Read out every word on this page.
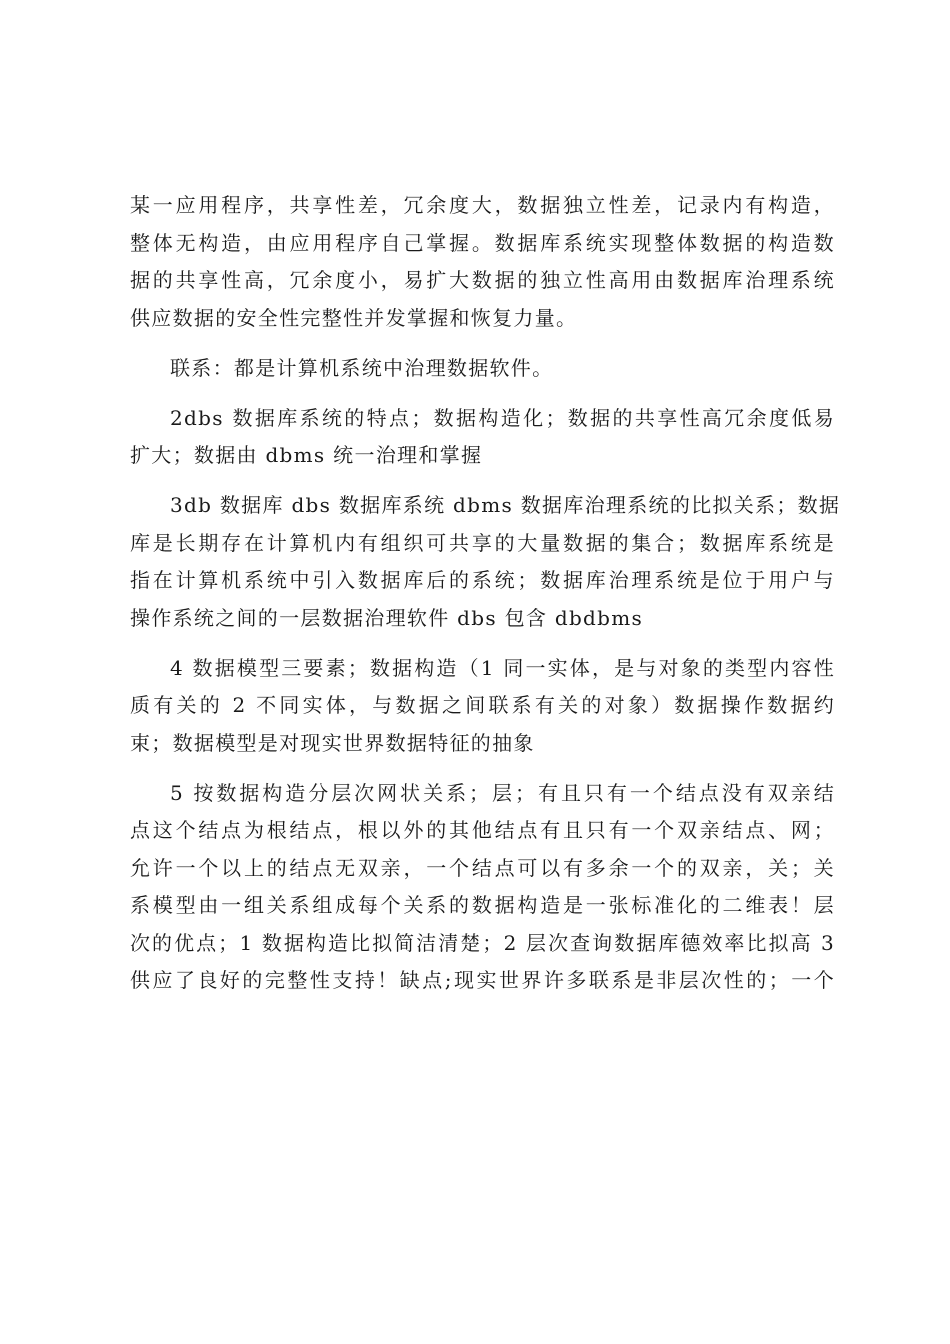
某一应用程序，共享性差，冗余度大，数据独立性差，记录内有构造，
整体无构造，由应用程序自己掌握。数据库系统实现整体数据的构造数
据的共享性高，冗余度小，易扩大数据的独立性高用由数据库治理系统
供应数据的安全性完整性并发掌握和恢复力量。
联系：都是计算机系统中治理数据软件。
2dbs 数据库系统的特点；数据构造化；数据的共享性高冗余度低易
扩大；数据由 dbms 统一治理和掌握
3db 数据库 dbs 数据库系统 dbms 数据库治理系统的比拟关系；数据
库是长期存在计算机内有组织可共享的大量数据的集合；数据库系统是
指在计算机系统中引入数据库后的系统；数据库治理系统是位于用户与
操作系统之间的一层数据治理软件 dbs 包含 dbdbms
4 数据模型三要素；数据构造（1 同一实体，是与对象的类型内容性
质有关的 2 不同实体，与数据之间联系有关的对象）数据操作数据约
束；数据模型是对现实世界数据特征的抽象
5 按数据构造分层次网状关系；层；有且只有一个结点没有双亲结
点这个结点为根结点，根以外的其他结点有且只有一个双亲结点、网；
允许一个以上的结点无双亲，一个结点可以有多余一个的双亲，关；关
系模型由一组关系组成每个关系的数据构造是一张标准化的二维表！层
次的优点；1 数据构造比拟简洁清楚；2 层次查询数据库德效率比拟高 3
供应了良好的完整性支持！缺点;现实世界许多联系是非层次性的；一个
